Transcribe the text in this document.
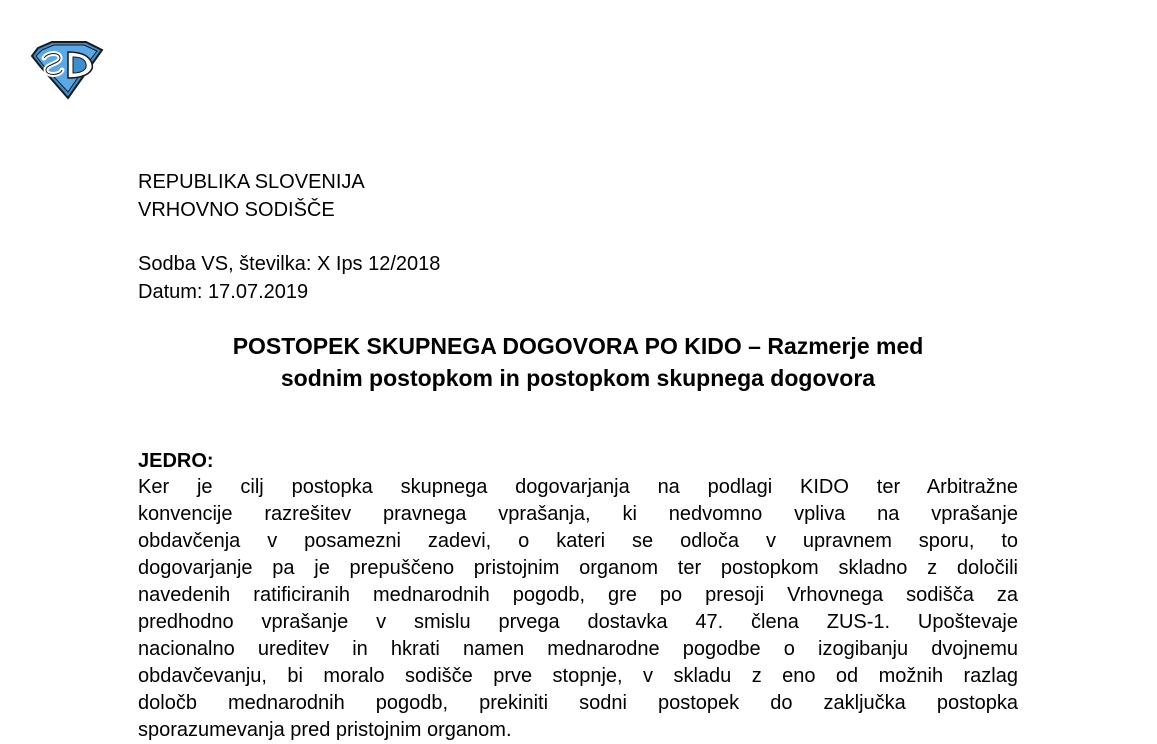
REPUBLIKA SLOVENIJA
VRHOVNO SODIŠČE
Sodba VS, številka: X Ips 12/2018
Datum: 17.07.2019
POSTOPEK SKUPNEGA DOGOVORA PO KIDO – Razmerje med
sodnim postopkom in postopkom skupnega dogovora
JEDRO:
Ker je cilj postopka skupnega dogovarjanja na podlagi KIDO ter Arbitražne
konvencije razrešitev pravnega vprašanja, ki nedvomno vpliva na vprašanje
obdavčenja v posamezni zadevi, o kateri se odloča v upravnem sporu, to
dogovarjanje pa je prepuščeno pristojnim organom ter postopkom skladno z določili
navedenih ratificiranih mednarodnih pogodb, gre po presoji Vrhovnega sodišča za
predhodno vprašanje v smislu prvega dostavka 47. člena ZUS-1. Upoštevaje
nacionalno ureditev in hkrati namen mednarodne pogodbe o izogibanju dvojnemu
obdavčevanju, bi moralo sodišče prve stopnje, v skladu z eno od možnih razlag
določb mednarodnih pogodb, prekiniti sodni postopek do zaključka postopka
sporazumevanja pred pristojnim organom.
